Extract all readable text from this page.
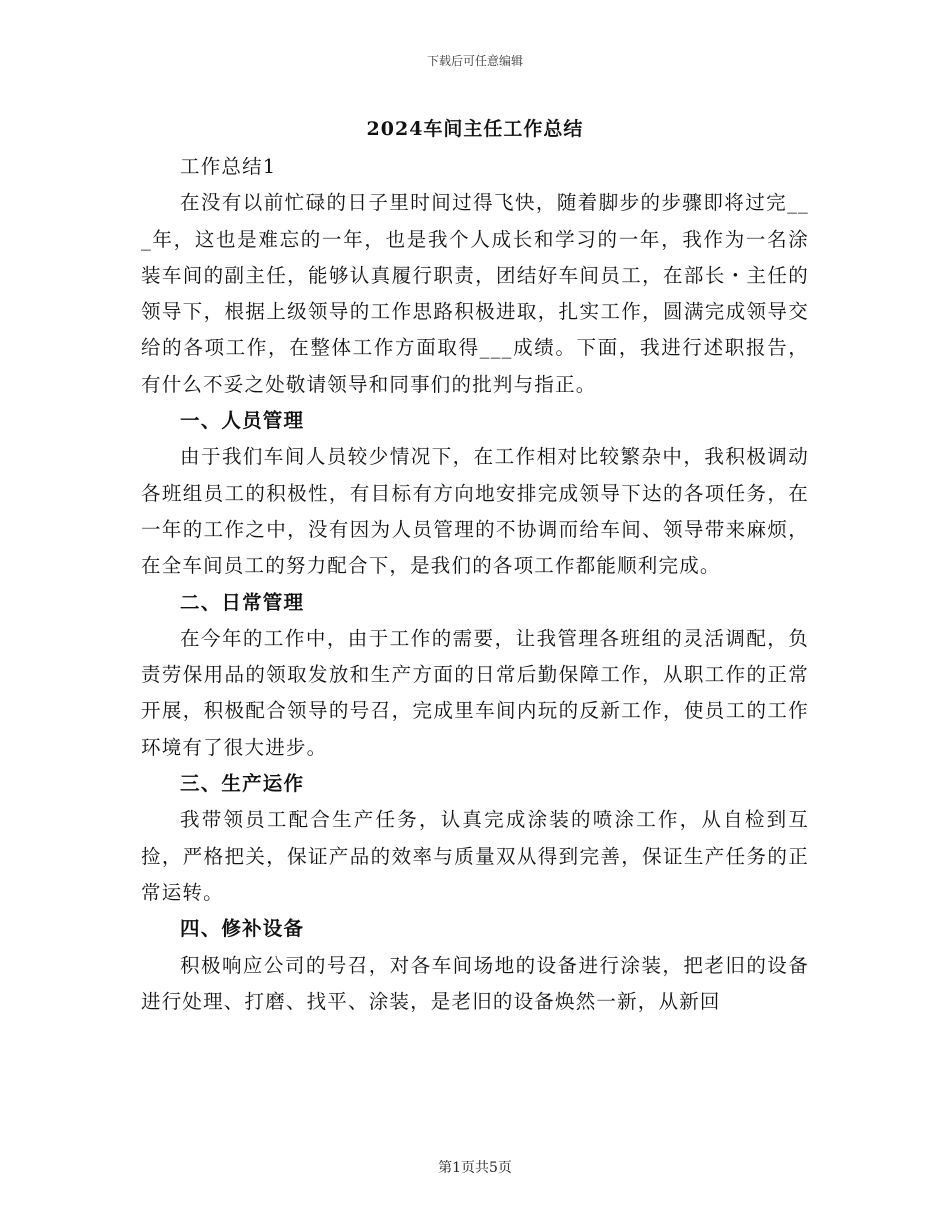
下载后可任意编辑
2024车间主任工作总结

工作总结1

在没有以前忙碌的日子里时间过得飞快，随着脚步的步骤即将过完___年，这也是难忘的一年，也是我个人成长和学习的一年，我作为一名涂装车间的副主任，能够认真履行职责，团结好车间员工，在部长・主任的领导下，根据上级领导的工作思路积极进取，扎实工作，圆满完成领导交给的各项工作，在整体工作方面取得___成绩。下面，我进行述职报告，有什么不妥之处敬请领导和同事们的批判与指正。

一、人员管理

由于我们车间人员较少情况下，在工作相对比较繁杂中，我积极调动各班组员工的积极性，有目标有方向地安排完成领导下达的各项任务，在一年的工作之中，没有因为人员管理的不协调而给车间、领导带来麻烦，在全车间员工的努力配合下，是我们的各项工作都能顺利完成。

二、日常管理

在今年的工作中，由于工作的需要，让我管理各班组的灵活调配，负责劳保用品的领取发放和生产方面的日常后勤保障工作，从职工作的正常开展，积极配合领导的号召，完成里车间内玩的反新工作，使员工的工作环境有了很大进步。

三、生产运作

我带领员工配合生产任务，认真完成涂装的喷涂工作，从自检到互捡，严格把关，保证产品的效率与质量双从得到完善，保证生产任务的正常运转。

四、修补设备

积极响应公司的号召，对各车间场地的设备进行涂装，把老旧的设备进行处理、打磨、找平、涂装，是老旧的设备焕然一新，从新回

第1页共5页
